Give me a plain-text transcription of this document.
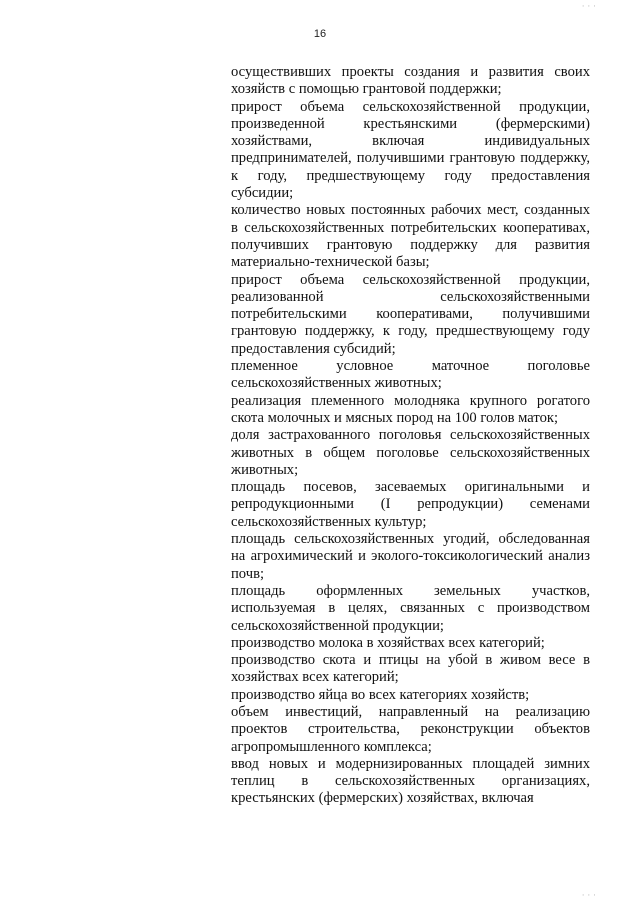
16

осуществивших проекты создания и развития своих хозяйств с помощью грантовой поддержки;

прирост объема сельскохозяйственной продукции, произведенной крестьянскими (фермерскими) хозяйствами, включая индивидуальных предпринимателей, получившими грантовую поддержку, к году, предшествующему году предоставления субсидии;

количество новых постоянных рабочих мест, созданных в сельскохозяйственных потребительских кооперативах, получивших грантовую поддержку для развития материально-технической базы;

прирост объема сельскохозяйственной продукции, реализованной сельскохозяйственными потребительскими кооперативами, получившими грантовую поддержку, к году, предшествующему году предоставления субсидий;

племенное условное маточное поголовье сельскохозяйственных животных;

реализация племенного молодняка крупного рогатого скота молочных и мясных пород на 100 голов маток;

доля застрахованного поголовья сельскохозяйственных животных в общем поголовье сельскохозяйственных животных;

площадь посевов, засеваемых оригинальными и репродукционными (I репродукции) семенами сельскохозяйственных культур;

площадь сельскохозяйственных угодий, обследованная на агрохимический и эколого-токсикологический анализ почв;

площадь оформленных земельных участков, используемая в целях, связанных с производством сельскохозяйственной продукции;

производство молока в хозяйствах всех категорий;

производство скота и птицы на убой в живом весе в хозяйствах всех категорий;

производство яйца во всех категориях хозяйств;

объем инвестиций, направленный на реализацию проектов строительства, реконструкции объектов агропромышленного комплекса;

ввод новых и модернизированных площадей зимних теплиц в сельскохозяйственных организациях, крестьянских (фермерских) хозяйствах, включая

· · ·
· · ·
